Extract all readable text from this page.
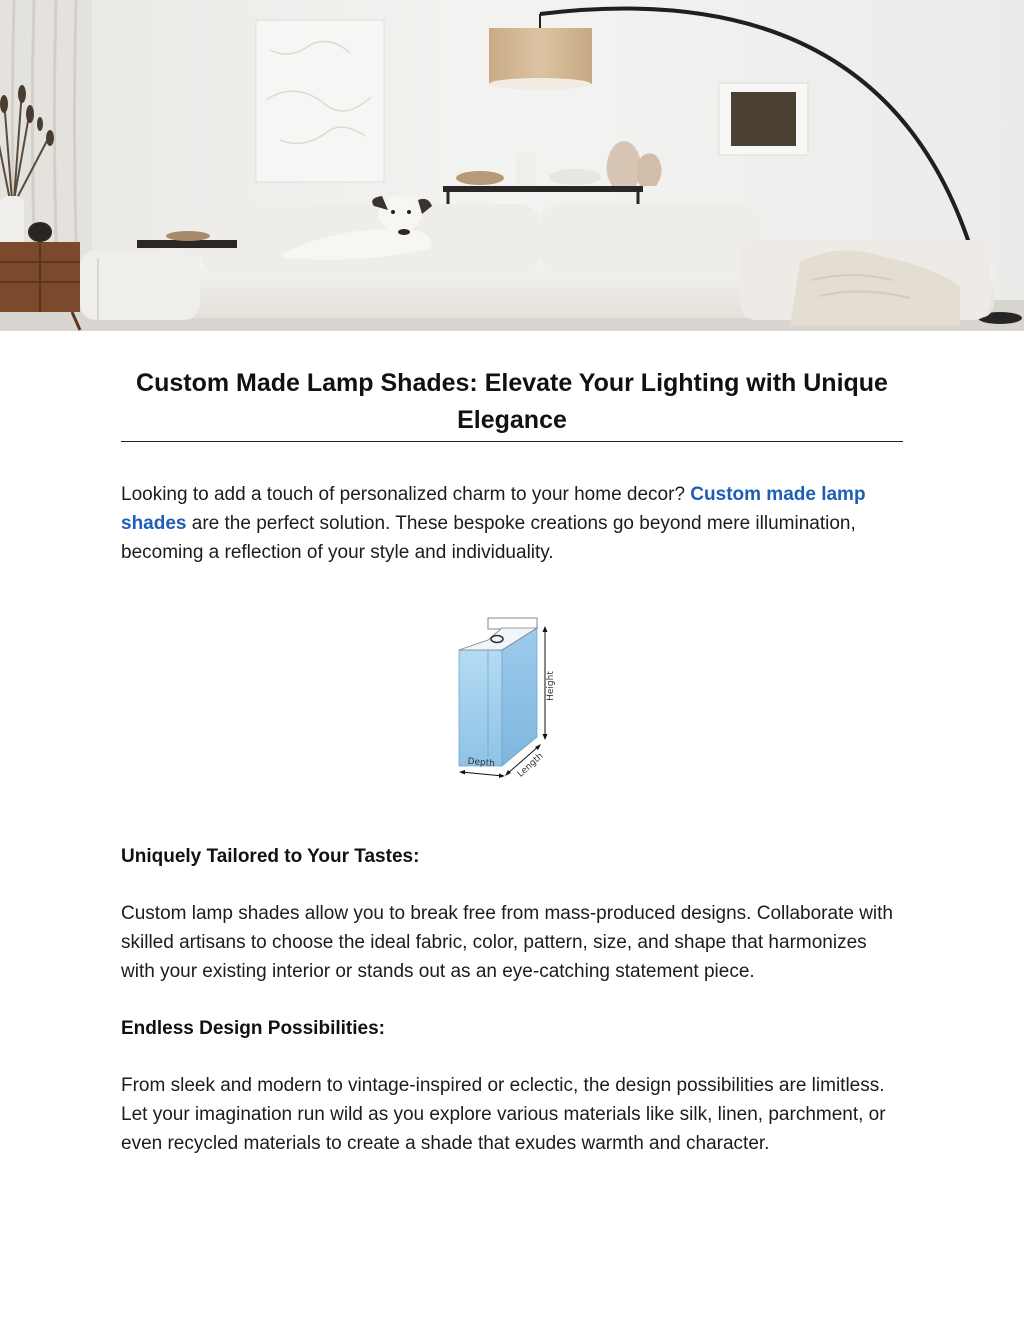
Custom Made Lamp Shades: Elevate Your Lighting with Unique Elegance

Looking to add a touch of personalized charm to your home decor? Custom made lamp shades are the perfect solution. These bespoke creations go beyond mere illumination, becoming a reflection of your style and individuality.

Height
Depth Length
Uniquely Tailored to Your Tastes:

Custom lamp shades allow you to break free from mass-produced designs. Collaborate with skilled artisans to choose the ideal fabric, color, pattern, size, and shape that harmonizes with your existing interior or stands out as an eye-catching statement piece.

Endless Design Possibilities:

From sleek and modern to vintage-inspired or eclectic, the design possibilities are limitless. Let your imagination run wild as you explore various materials like silk, linen, parchment, or even recycled materials to create a shade that exudes warmth and character.
